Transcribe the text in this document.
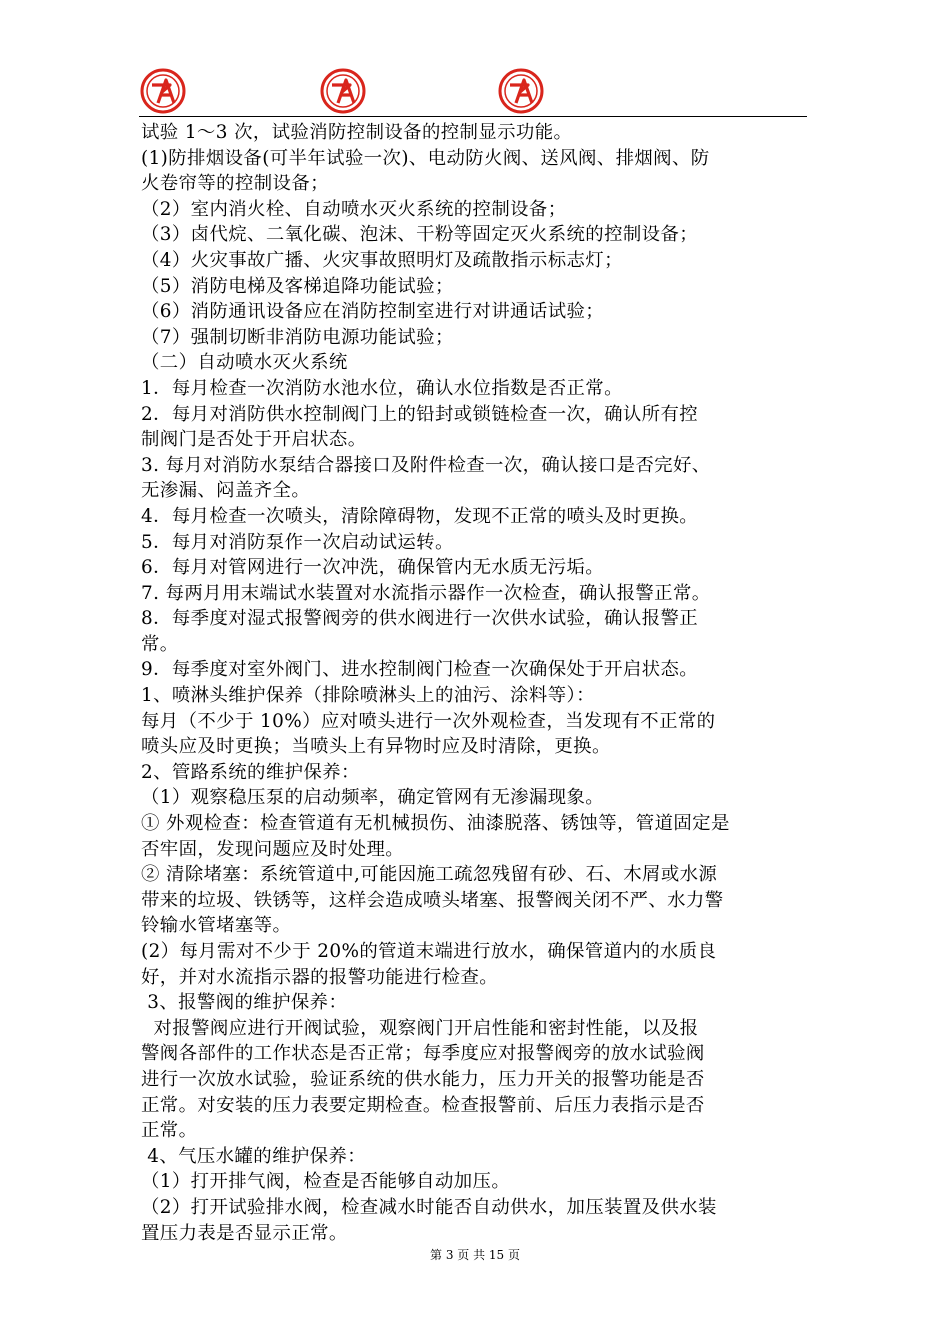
试验 1～3 次，试验消防控制设备的控制显示功能。
(1)防排烟设备(可半年试验一次)、电动防火阀、送风阀、排烟阀、防
火卷帘等的控制设备；
（2）室内消火栓、自动喷水灭火系统的控制设备；
（3）卤代烷、二氧化碳、泡沫、干粉等固定灭火系统的控制设备；
（4）火灾事故广播、火灾事故照明灯及疏散指示标志灯；
（5）消防电梯及客梯追降功能试验；
（6）消防通讯设备应在消防控制室进行对讲通话试验；
（7）强制切断非消防电源功能试验；
（二）自动喷水灭火系统
1．每月检查一次消防水池水位，确认水位指数是否正常。
2．每月对消防供水控制阀门上的铅封或锁链检查一次，确认所有控
制阀门是否处于开启状态。
3. 每月对消防水泵结合器接口及附件检查一次，确认接口是否完好、
无渗漏、闷盖齐全。
4．每月检查一次喷头，清除障碍物，发现不正常的喷头及时更换。
5．每月对消防泵作一次启动试运转。
6．每月对管网进行一次冲洗，确保管内无水质无污垢。
7. 每两月用末端试水装置对水流指示器作一次检查，确认报警正常。
8．每季度对湿式报警阀旁的供水阀进行一次供水试验，确认报警正
常。
9．每季度对室外阀门、进水控制阀门检查一次确保处于开启状态。
1、喷淋头维护保养（排除喷淋头上的油污、涂料等）：
每月（不少于 10%）应对喷头进行一次外观检查，当发现有不正常的
喷头应及时更换；当喷头上有异物时应及时清除，更换。
2、管路系统的维护保养：
（1）观察稳压泵的启动频率，确定管网有无渗漏现象。
① 外观检查：检查管道有无机械损伤、油漆脱落、锈蚀等，管道固定是
否牢固，发现问题应及时处理。
② 清除堵塞：系统管道中,可能因施工疏忽残留有砂、石、木屑或水源
带来的垃圾、铁锈等，这样会造成喷头堵塞、报警阀关闭不严、水力警
铃输水管堵塞等。
(2）每月需对不少于 20%的管道末端进行放水，确保管道内的水质良
好，并对水流指示器的报警功能进行检查。
3、报警阀的维护保养：
对报警阀应进行开阀试验，观察阀门开启性能和密封性能，以及报
警阀各部件的工作状态是否正常；每季度应对报警阀旁的放水试验阀
进行一次放水试验，验证系统的供水能力，压力开关的报警功能是否
正常。对安装的压力表要定期检查。检查报警前、后压力表指示是否
正常。
4、气压水罐的维护保养：
（1）打开排气阀，检查是否能够自动加压。
（2）打开试验排水阀，检查减水时能否自动供水，加压装置及供水装
置压力表是否显示正常。
第 3 页 共 15 页
